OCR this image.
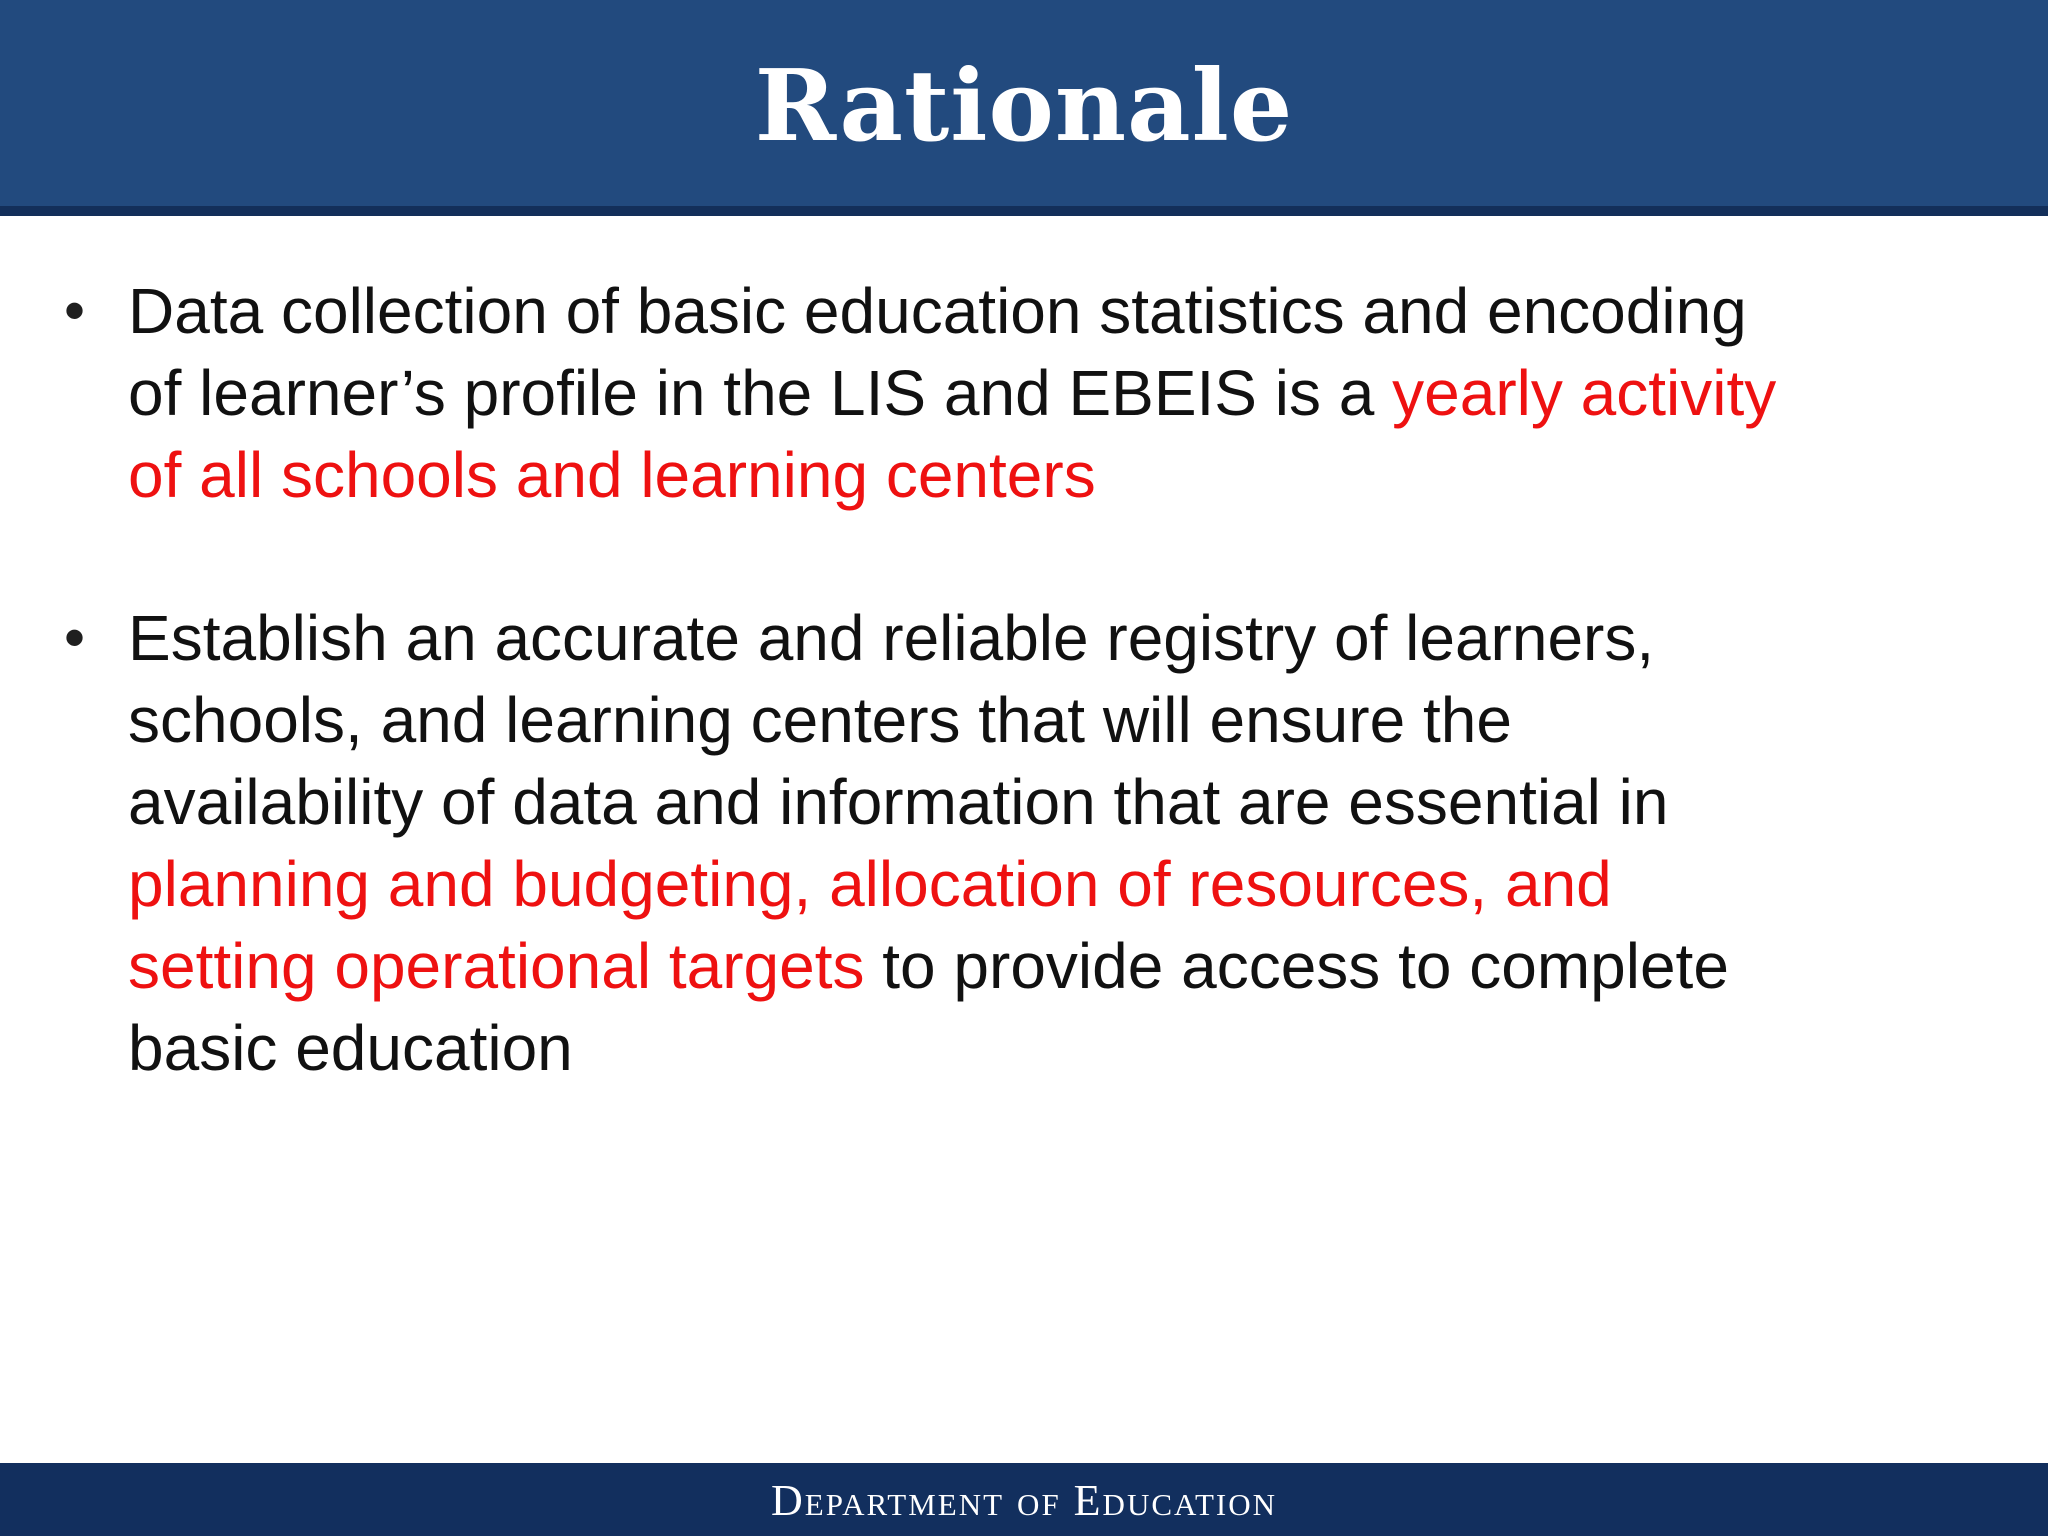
Rationale
• Data collection of basic education statistics and encoding
of learner’s profile in the LIS and EBEIS is a yearly activity
of all schools and learning centers
• Establish an accurate and reliable registry of learners,
schools, and learning centers that will ensure the
availability of data and information that are essential in
planning and budgeting, allocation of resources, and
setting operational targets to provide access to complete
basic education
Department of Education
